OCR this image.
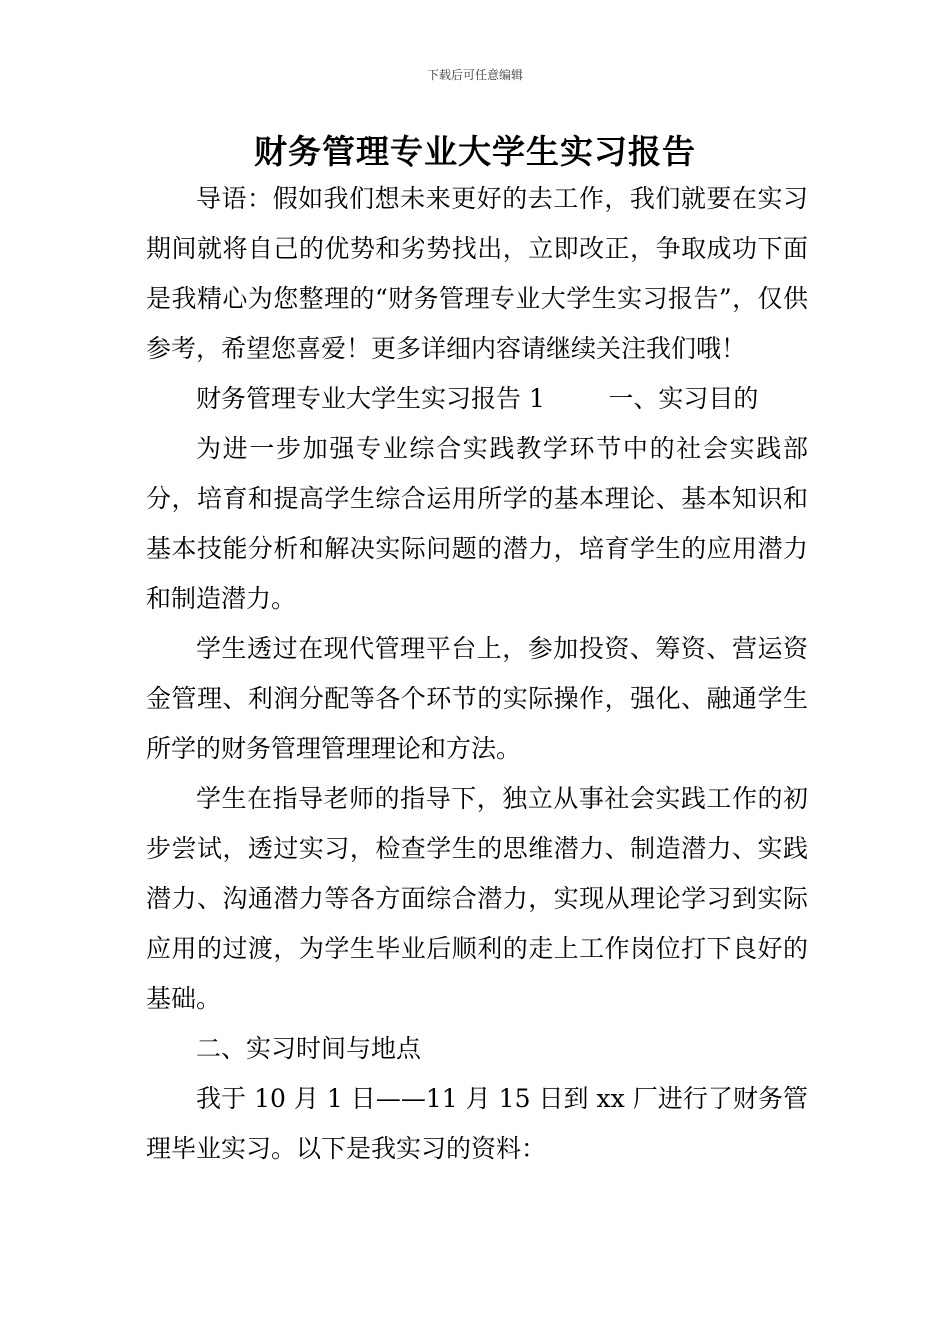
下载后可任意编辑
财务管理专业大学生实习报告

导语：假如我们想未来更好的去工作，我们就要在实习期间就将自己的优势和劣势找出，立即改正，争取成功下面是我精心为您整理的“财务管理专业大学生实习报告”，仅供参考，希望您喜爱！更多详细内容请继续关注我们哦！

财务管理专业大学生实习报告 1        一、实习目的

为进一步加强专业综合实践教学环节中的社会实践部分，培育和提高学生综合运用所学的基本理论、基本知识和基本技能分析和解决实际问题的潜力，培育学生的应用潜力和制造潜力。

学生透过在现代管理平台上，参加投资、筹资、营运资金管理、利润分配等各个环节的实际操作，强化、融通学生所学的财务管理管理理论和方法。

学生在指导老师的指导下，独立从事社会实践工作的初步尝试，透过实习，检查学生的思维潜力、制造潜力、实践潜力、沟通潜力等各方面综合潜力，实现从理论学习到实际应用的过渡，为学生毕业后顺利的走上工作岗位打下良好的基础。

二、实习时间与地点

我于 10 月 1 日——11 月 15 日到 xx 厂进行了财务管理毕业实习。以下是我实习的资料：
